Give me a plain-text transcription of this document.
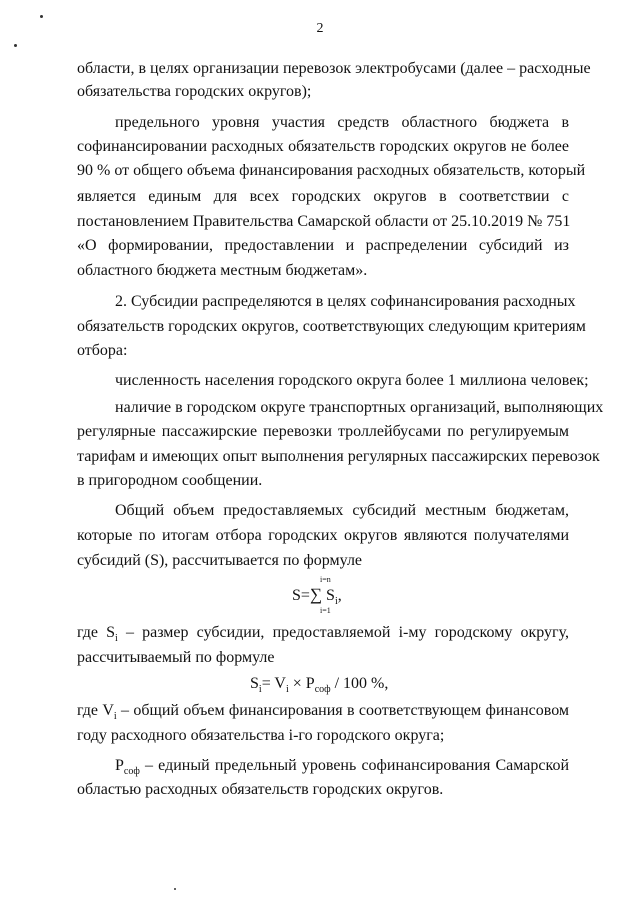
2
области, в целях организации перевозок электробусами (далее – расходные
обязательства городских округов);
предельного уровня участия средств областного бюджета в
софинансировании расходных обязательств городских округов не более
90 % от общего объема финансирования расходных обязательств, который
является единым для всех городских округов в соответствии с
постановлением Правительства Самарской области от 25.10.2019 № 751
«О формировании, предоставлении и распределении субсидий из
областного бюджета местным бюджетам».
2. Субсидии распределяются в целях софинансирования расходных
обязательств городских округов, соответствующих следующим критериям
отбора:
численность населения городского округа более 1 миллиона человек;
наличие в городском округе транспортных организаций, выполняющих
регулярные пассажирские перевозки троллейбусами по регулируемым
тарифам и имеющих опыт выполнения регулярных пассажирских перевозок
в пригородном сообщении.
Общий объем предоставляемых субсидий местным бюджетам,
которые по итогам отбора городских округов являются получателями
субсидий (S), рассчитывается по формуле
i=n
S=∑ $S_i$,
i=1
где $S_i$ – размер субсидии, предоставляемой i-му городскому округу,
рассчитываемый по формуле
$S_i= V_i \times P_{соф} / 100$ %,
где $V_i$ – общий объем финансирования в соответствующем финансовом
году расходного обязательства i-го городского округа;
$P_{соф}$ – единый предельный уровень софинансирования Самарской
областью расходных обязательств городских округов.
